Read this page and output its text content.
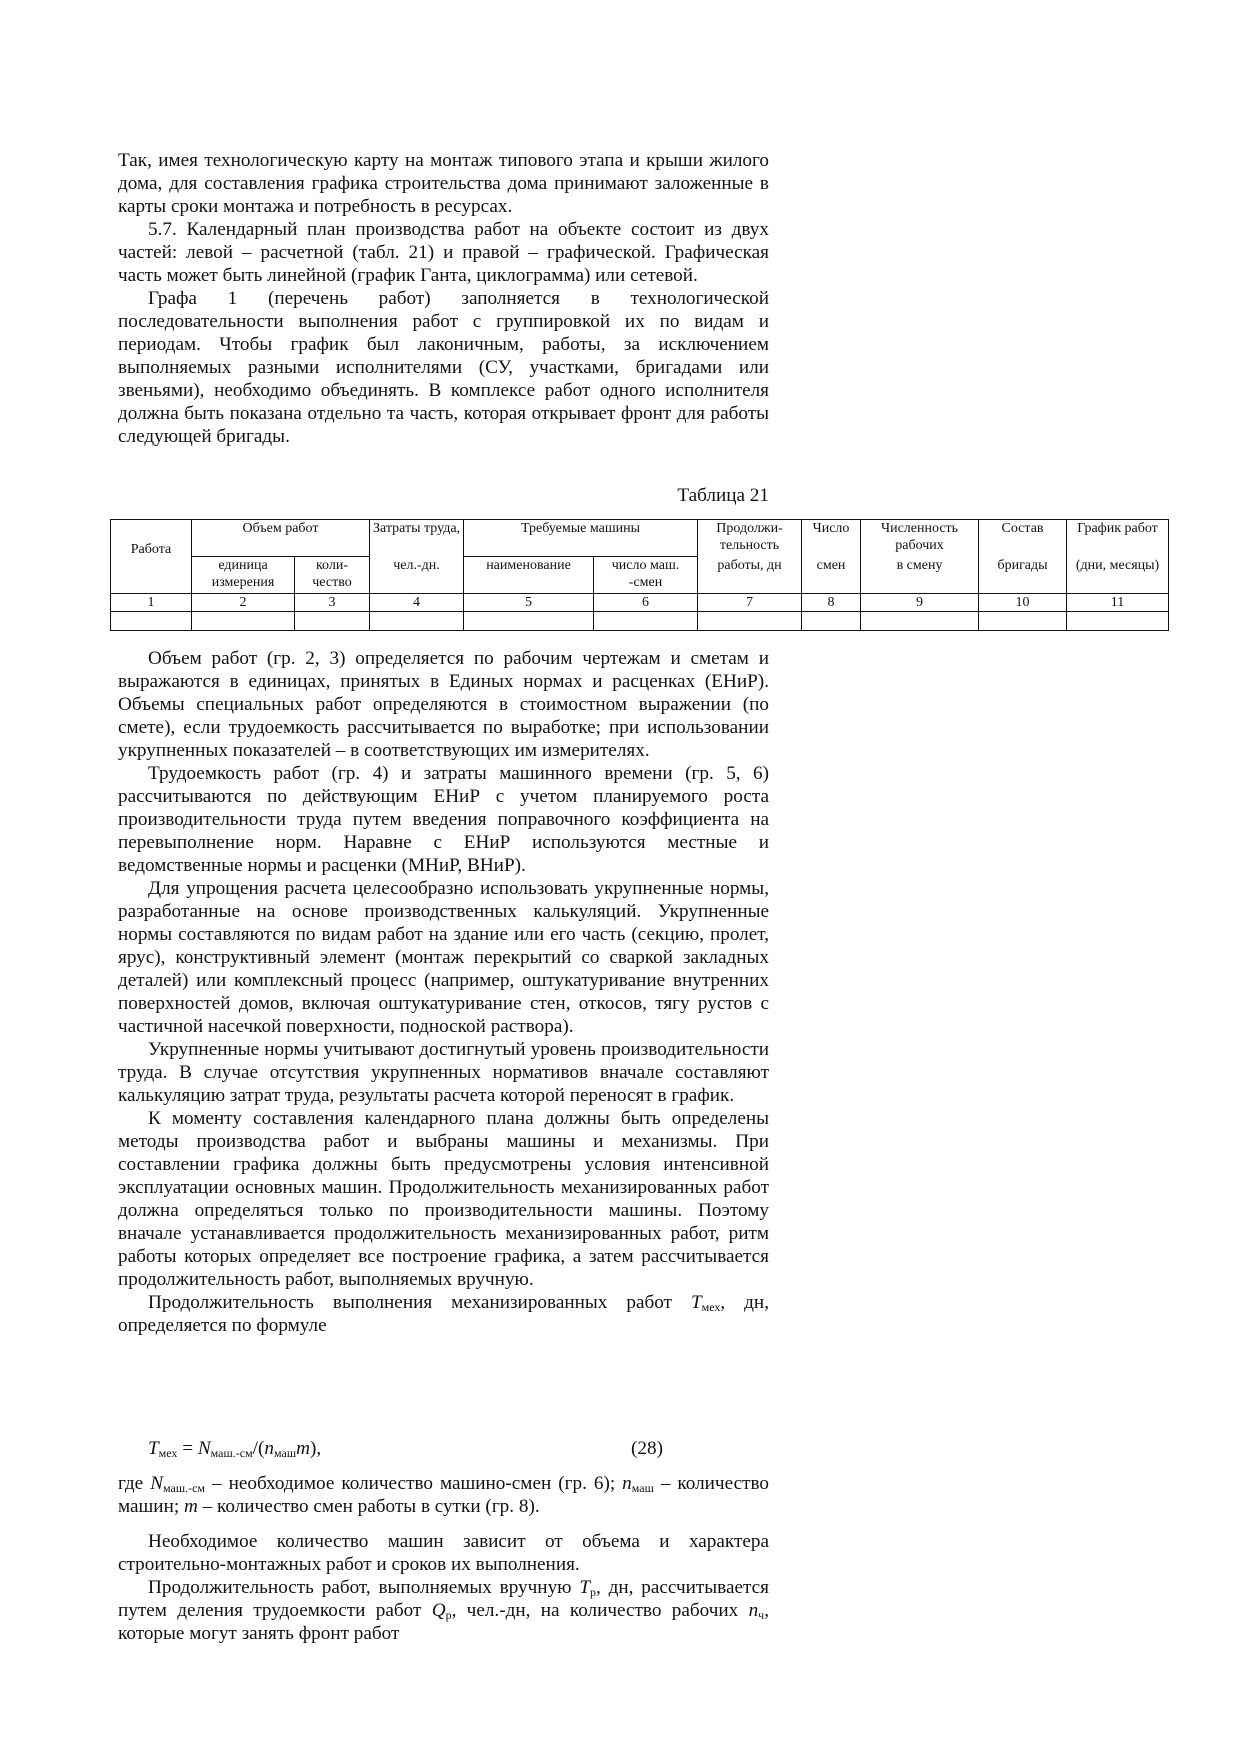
Так, имея технологическую карту на монтаж типового этапа и крыши жилого дома, для составления графика строительства дома принимают заложенные в карты сроки монтажа и потребность в ресурсах.

5.7. Календарный план производства работ на объекте состоит из двух частей: левой – расчетной (табл. 21) и правой – графической. Графическая часть может быть линейной (график Ганта, циклограмма) или сетевой.

Графа 1 (перечень работ) заполняется в технологической последовательности выполнения работ с группировкой их по видам и периодам. Чтобы график был лаконичным, работы, за исключением выполняемых разными исполнителями (СУ, участками, бригадами или звеньями), необходимо объединять. В комплексе работ одного исполнителя должна быть показана отдельно та часть, которая открывает фронт для работы следующей бригады.

Таблица 21
	Объем работ		Затраты труда,	Требуемые машины		Продолжи-тельность	Число	Численность рабочих	Состав	График работ
Работа	единица измерения	коли-чество	чел.-дн.	наименование	число маш. -смен	работы, дн	смен	в смену	бригады	(дни, месяцы)
1	2	3	4	5	6	7	8	9	10	11

Объем работ (гр. 2, 3) определяется по рабочим чертежам и сметам и выражаются в единицах, принятых в Единых нормах и расценках (ЕНиР). Объемы специальных работ определяются в стоимостном выражении (по смете), если трудоемкость рассчитывается по выработке; при использовании укрупненных показателей – в соответствующих им измерителях.

Трудоемкость работ (гр. 4) и затраты машинного времени (гр. 5, 6) рассчитываются по действующим ЕНиР с учетом планируемого роста производительности труда путем введения поправочного коэффициента на перевыполнение норм. Наравне с ЕНиР используются местные и ведомственные нормы и расценки (МНиР, ВНиР).

Для упрощения расчета целесообразно использовать укрупненные нормы, разработанные на основе производственных калькуляций. Укрупненные нормы составляются по видам работ на здание или его часть (секцию, пролет, ярус), конструктивный элемент (монтаж перекрытий со сваркой закладных деталей) или комплексный процесс (например, оштукатуривание внутренних поверхностей домов, включая оштукатуривание стен, откосов, тягу рустов с частичной насечкой поверхности, подноской раствора).

Укрупненные нормы учитывают достигнутый уровень производительности труда. В случае отсутствия укрупненных нормативов вначале составляют калькуляцию затрат труда, результаты расчета которой переносят в график.

К моменту составления календарного плана должны быть определены методы производства работ и выбраны машины и механизмы. При составлении графика должны быть предусмотрены условия интенсивной эксплуатации основных машин. Продолжительность механизированных работ должна определяться только по производительности машины. Поэтому вначале устанавливается продолжительность механизированных работ, ритм работы которых определяет все построение графика, а затем рассчитывается продолжительность работ, выполняемых вручную.

Продолжительность выполнения механизированных работ $T_{мех}$, дн, определяется по формуле

$T_{мех} = N_{маш.-см}/(n_{маш}m)$,	(28)

где $N_{маш.-см}$ – необходимое количество машино-смен (гр. 6); $n_{маш}$ – количество машин; m – количество смен работы в сутки (гр. 8).

Необходимое количество машин зависит от объема и характера строительно-монтажных работ и сроков их выполнения.

Продолжительность работ, выполняемых вручную $T_р$, дн, рассчитывается путем деления трудоемкости работ $Q_р$, чел.-дн, на количество рабочих $n_ч$, которые могут занять фронт работ
